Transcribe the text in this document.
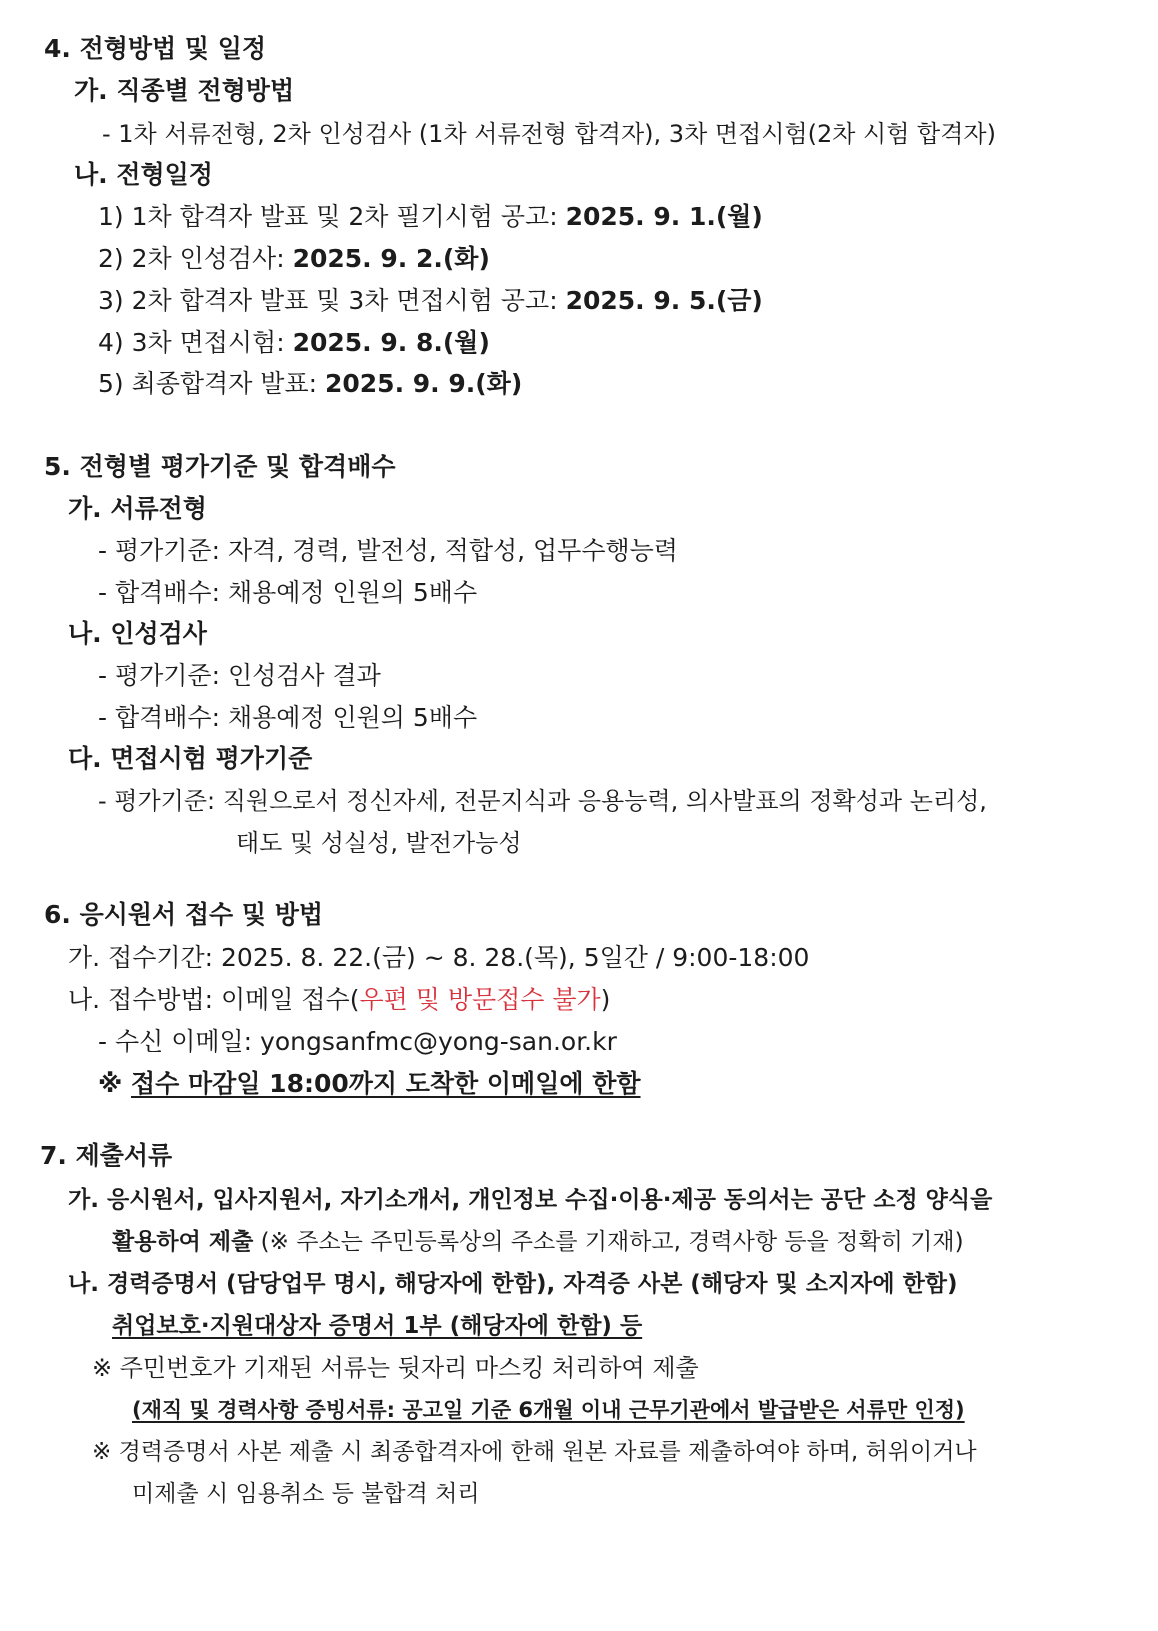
4. 전형방법 및 일정
가. 직종별 전형방법
- 1차 서류전형, 2차 인성검사 (1차 서류전형 합격자), 3차 면접시험(2차 시험 합격자)
나. 전형일정
1) 1차 합격자 발표 및 2차 필기시험 공고: 2025. 9. 1.(월)
2) 2차 인성검사: 2025. 9. 2.(화)
3) 2차 합격자 발표 및 3차 면접시험 공고: 2025. 9. 5.(금)
4) 3차 면접시험: 2025. 9. 8.(월)
5) 최종합격자 발표: 2025. 9. 9.(화)
5. 전형별 평가기준 및 합격배수
가. 서류전형
- 평가기준: 자격, 경력, 발전성, 적합성, 업무수행능력
- 합격배수: 채용예정 인원의 5배수
나. 인성검사
- 평가기준: 인성검사 결과
- 합격배수: 채용예정 인원의 5배수
다. 면접시험 평가기준
- 평가기준: 직원으로서 정신자세, 전문지식과 응용능력, 의사발표의 정확성과 논리성,
태도 및 성실성, 발전가능성
6. 응시원서 접수 및 방법
가. 접수기간: 2025. 8. 22.(금) ~ 8. 28.(목), 5일간 / 9:00-18:00
나. 접수방법: 이메일 접수(우편 및 방문접수 불가)
- 수신 이메일: yongsanfmc@yong-san.or.kr
※ 접수 마감일 18:00까지 도착한 이메일에 한함
7. 제출서류
가. 응시원서, 입사지원서, 자기소개서, 개인정보 수집·이용·제공 동의서는 공단 소정 양식을
활용하여 제출 (※ 주소는 주민등록상의 주소를 기재하고, 경력사항 등을 정확히 기재)
나. 경력증명서 (담당업무 명시, 해당자에 한함), 자격증 사본 (해당자 및 소지자에 한함)
취업보호·지원대상자 증명서 1부 (해당자에 한함) 등
※ 주민번호가 기재된 서류는 뒷자리 마스킹 처리하여 제출
(재직 및 경력사항 증빙서류: 공고일 기준 6개월 이내 근무기관에서 발급받은 서류만 인정)
※ 경력증명서 사본 제출 시 최종합격자에 한해 원본 자료를 제출하여야 하며, 허위이거나
미제출 시 임용취소 등 불합격 처리
